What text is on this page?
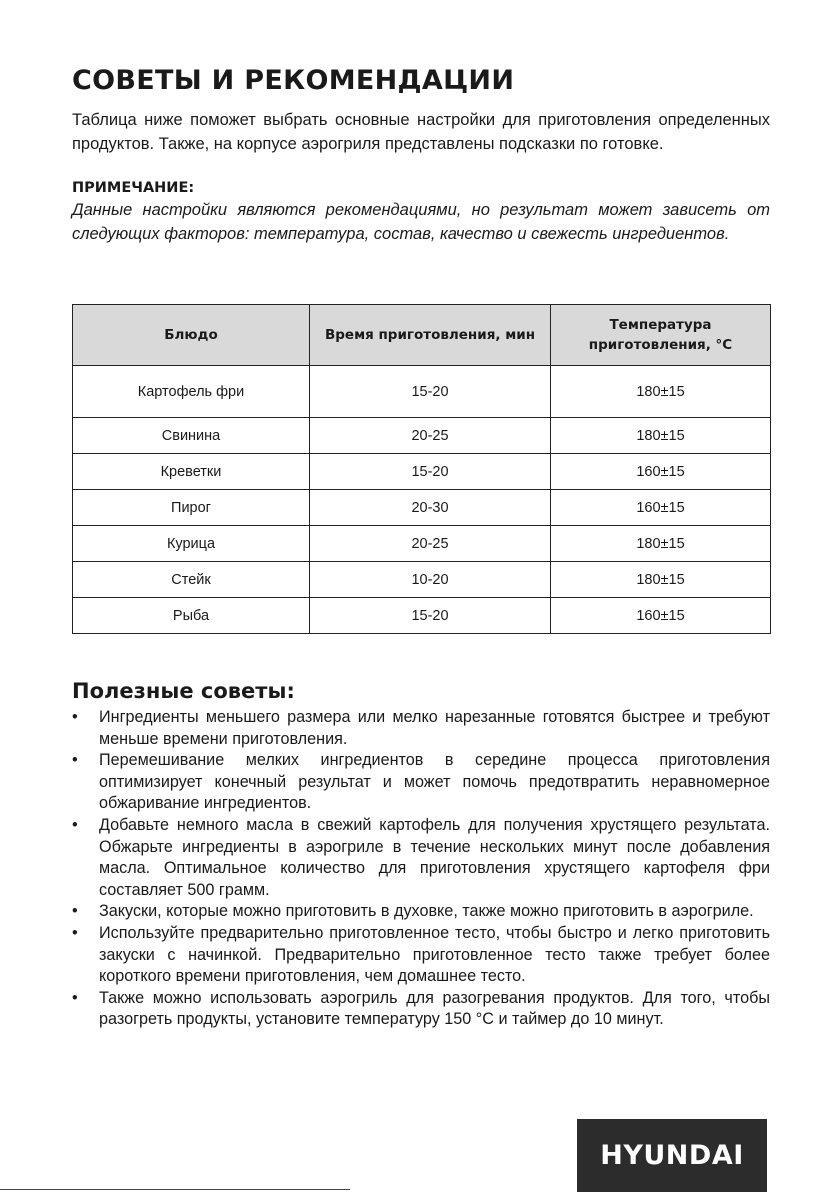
СОВЕТЫ И РЕКОМЕНДАЦИИ

Таблица ниже поможет выбрать основные настройки для приготовления определенных продуктов. Также, на корпусе аэрогриля представлены подсказки по готовке.

ПРИМЕЧАНИЕ:

Данные настройки являются рекомендациями, но результат может зависеть от следующих факторов: температура, состав, качество и свежесть ингредиентов.

Блюдо	Время приготовления, мин	Температура приготовления, °C
Картофель фри	15-20	180±15
Свинина	20-25	180±15
Креветки	15-20	160±15
Пирог	20-30	160±15
Курица	20-25	180±15
Стейк	10-20	180±15
Рыба	15-20	160±15
Полезные советы:
• Ингредиенты меньшего размера или мелко нарезанные готовятся быстрее и требуют меньше времени приготовления.
• Перемешивание мелких ингредиентов в середине процесса приготовления оптимизирует конечный результат и может помочь предотвратить неравномерное обжаривание ингредиентов.
• Добавьте немного масла в свежий картофель для получения хрустящего результата. Обжарьте ингредиенты в аэрогриле в течение нескольких минут после добавления масла. Оптимальное количество для приготовления хрустящего картофеля фри составляет 500 грамм.
• Закуски, которые можно приготовить в духовке, также можно приготовить в аэрогриле.
• Используйте предварительно приготовленное тесто, чтобы быстро и легко приготовить закуски с начинкой. Предварительно приготовленное тесто также требует более короткого времени приготовления, чем домашнее тесто.
• Также можно использовать аэрогриль для разогревания продуктов. Для того, чтобы разогреть продукты, установите температуру 150 °C и таймер до 10 минут.
HYUNDAI
